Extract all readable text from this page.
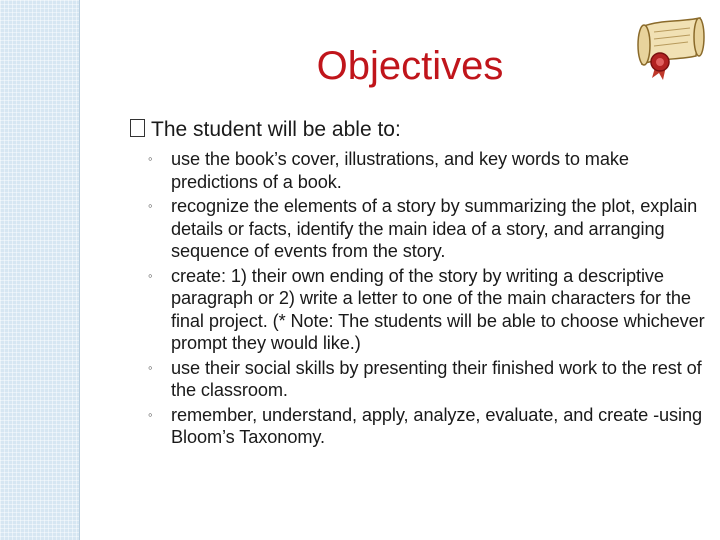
Objectives
The student will be able to:
◦ use the book’s cover, illustrations, and key words to make predictions of a book.
◦ recognize the elements of a story by summarizing the plot, explain details or facts, identify the main idea of a story, and arranging sequence of events from the story.
◦ create: 1) their own ending of the story by writing a descriptive paragraph or 2) write a letter to one of the main characters for the final project. (* Note: The students will be able to choose whichever prompt they would like.)
◦ use their social skills by presenting their finished work to the rest of the classroom.
◦ remember, understand, apply, analyze, evaluate, and create -using Bloom’s Taxonomy.
